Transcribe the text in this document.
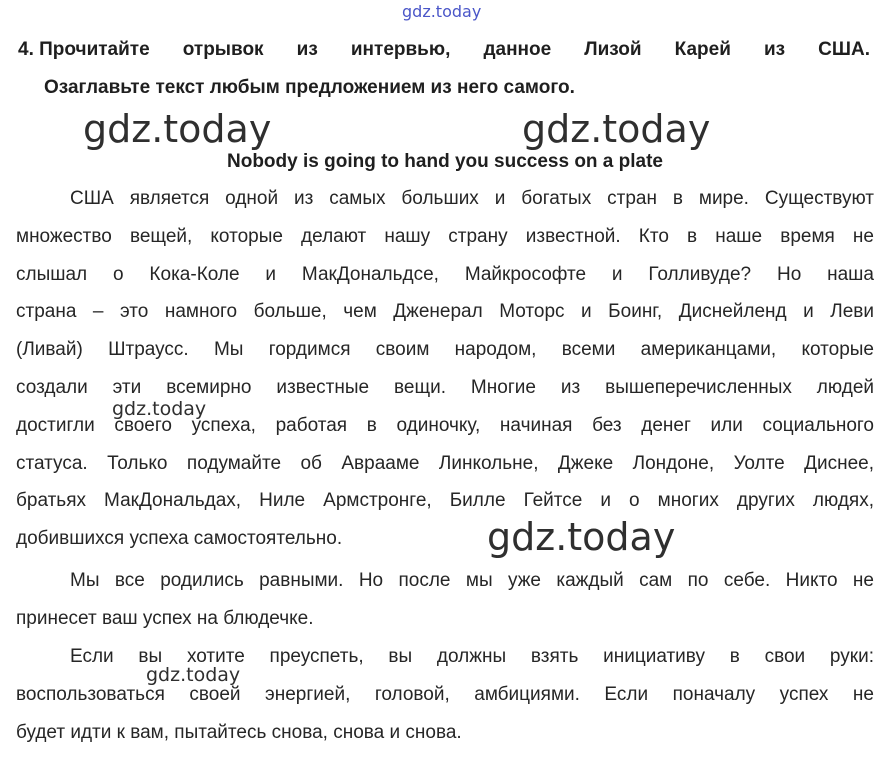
gdz.today
gdz.today	gdz.today
gdz.today
4. Прочитайте отрывок из интервью, данное Лизой Карей из США.
Озаглавьте текст любым предложением из него самого.
Nobody is going to hand you success on a plate
США является одной из самых больших и богатых стран в мире. Существуют
множество вещей, которые делают нашу страну известной. Кто в наше время не
слышал о Кока-Коле и МакДональдсе, Майкрософте и Голливуде? Но наша
страна – это намного больше, чем Дженерал Моторс и Боинг, Диснейленд и Леви
(Ливай) Штраусс. Мы гордимся своим народом, всеми американцами, которые
создали эти всемирно известные вещи. Многие из вышеперечисленных людей
достигли своего успеха, работая в одиночку, начиная без денег или социального
статуса. Только подумайте об Аврааме Линкольне, Джеке Лондоне, Уолте Диснее,
братьях МакДональдах, Ниле Армстронге, Билле Гейтсе и о многих других людях,
добившихся успеха самостоятельно.
Мы все родились равными. Но после мы уже каждый сам по себе. Никто не
принесет ваш успех на блюдечке.
Если вы хотите преуспеть, вы должны взять инициативу в свои руки:
воспользоваться своей энергией, головой, амбициями. Если поначалу успех не
будет идти к вам, пытайтесь снова, снова и снова.
gdz.today
gdz.today
